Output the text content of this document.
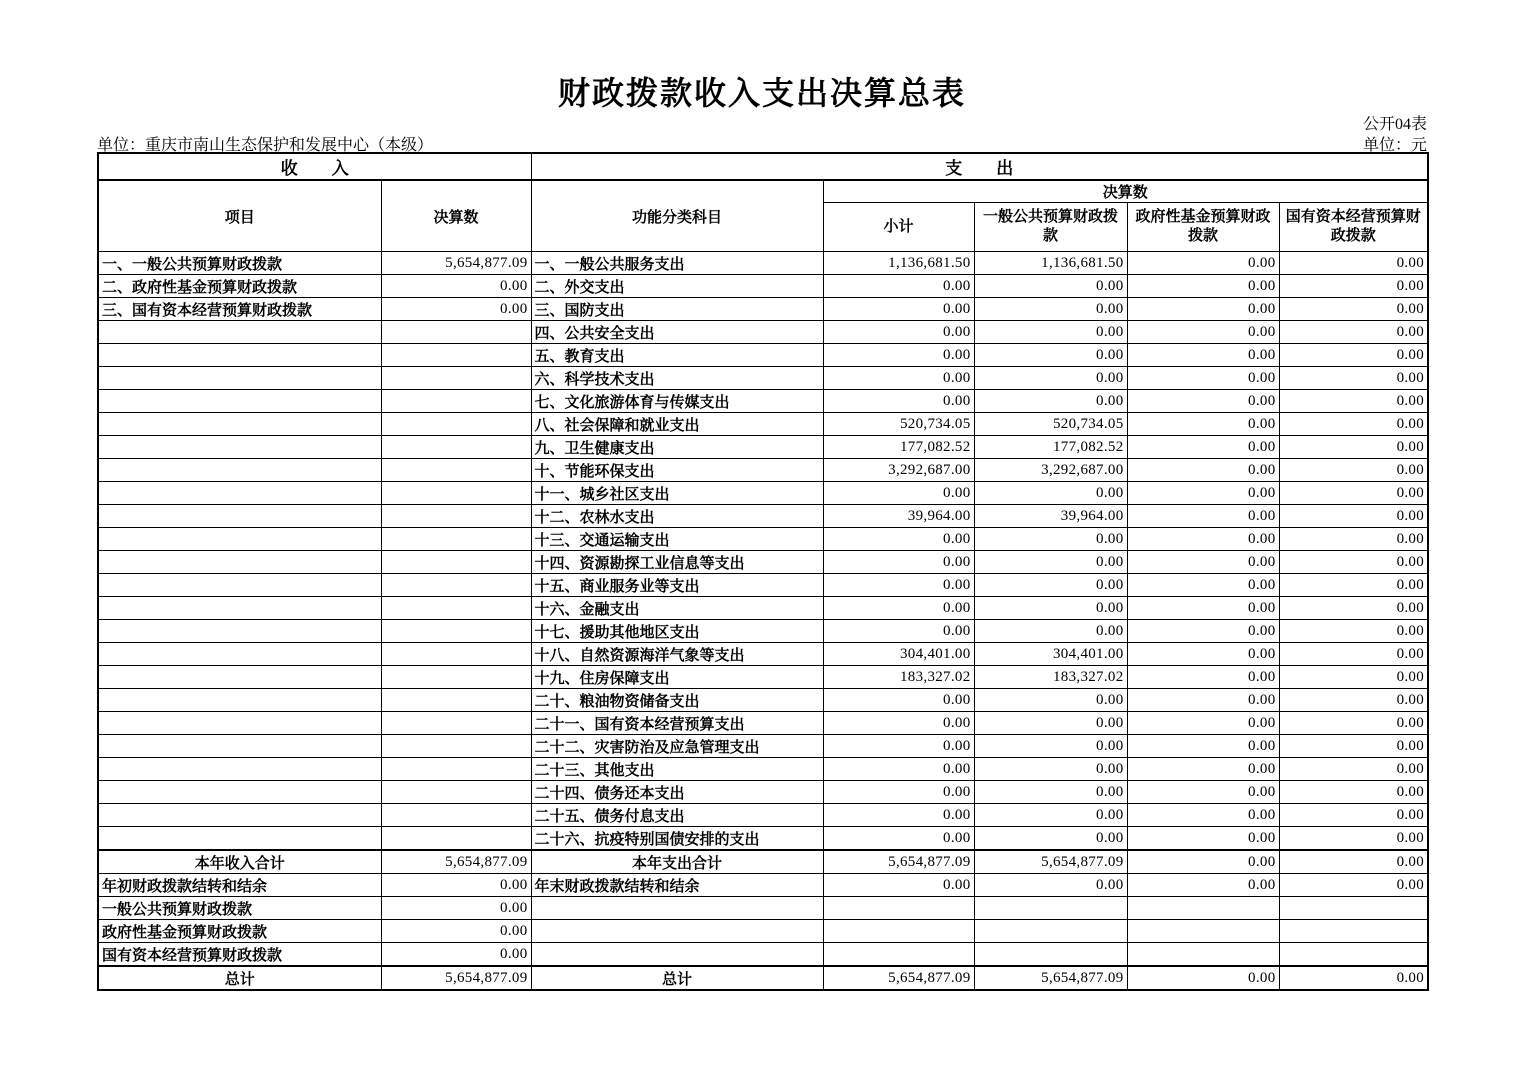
财政拨款收入支出决算总表
公开04表
单位：重庆市南山生态保护和发展中心（本级）	单位：元
收　　入		支　　出				
项目	决算数	功能分类科目	决算数			
			小计	一般公共预算财政拨款	政府性基金预算财政拨款	国有资本经营预算财政拨款
一、一般公共预算财政拨款	5,654,877.09	一、一般公共服务支出	1,136,681.50	1,136,681.50	0.00	0.00
二、政府性基金预算财政拨款	0.00	二、外交支出	0.00	0.00	0.00	0.00
三、国有资本经营预算财政拨款	0.00	三、国防支出	0.00	0.00	0.00	0.00
		四、公共安全支出	0.00	0.00	0.00	0.00
		五、教育支出	0.00	0.00	0.00	0.00
		六、科学技术支出	0.00	0.00	0.00	0.00
		七、文化旅游体育与传媒支出	0.00	0.00	0.00	0.00
		八、社会保障和就业支出	520,734.05	520,734.05	0.00	0.00
		九、卫生健康支出	177,082.52	177,082.52	0.00	0.00
		十、节能环保支出	3,292,687.00	3,292,687.00	0.00	0.00
		十一、城乡社区支出	0.00	0.00	0.00	0.00
		十二、农林水支出	39,964.00	39,964.00	0.00	0.00
		十三、交通运输支出	0.00	0.00	0.00	0.00
		十四、资源勘探工业信息等支出	0.00	0.00	0.00	0.00
		十五、商业服务业等支出	0.00	0.00	0.00	0.00
		十六、金融支出	0.00	0.00	0.00	0.00
		十七、援助其他地区支出	0.00	0.00	0.00	0.00
		十八、自然资源海洋气象等支出	304,401.00	304,401.00	0.00	0.00
		十九、住房保障支出	183,327.02	183,327.02	0.00	0.00
		二十、粮油物资储备支出	0.00	0.00	0.00	0.00
		二十一、国有资本经营预算支出	0.00	0.00	0.00	0.00
		二十二、灾害防治及应急管理支出	0.00	0.00	0.00	0.00
		二十三、其他支出	0.00	0.00	0.00	0.00
		二十四、债务还本支出	0.00	0.00	0.00	0.00
		二十五、债务付息支出	0.00	0.00	0.00	0.00
		二十六、抗疫特别国债安排的支出	0.00	0.00	0.00	0.00
本年收入合计	5,654,877.09	本年支出合计	5,654,877.09	5,654,877.09	0.00	0.00
年初财政拨款结转和结余	0.00	年末财政拨款结转和结余	0.00	0.00	0.00	0.00
一般公共预算财政拨款	0.00					
政府性基金预算财政拨款	0.00					
国有资本经营预算财政拨款	0.00					
总计	5,654,877.09	总计	5,654,877.09	5,654,877.09	0.00	0.00
